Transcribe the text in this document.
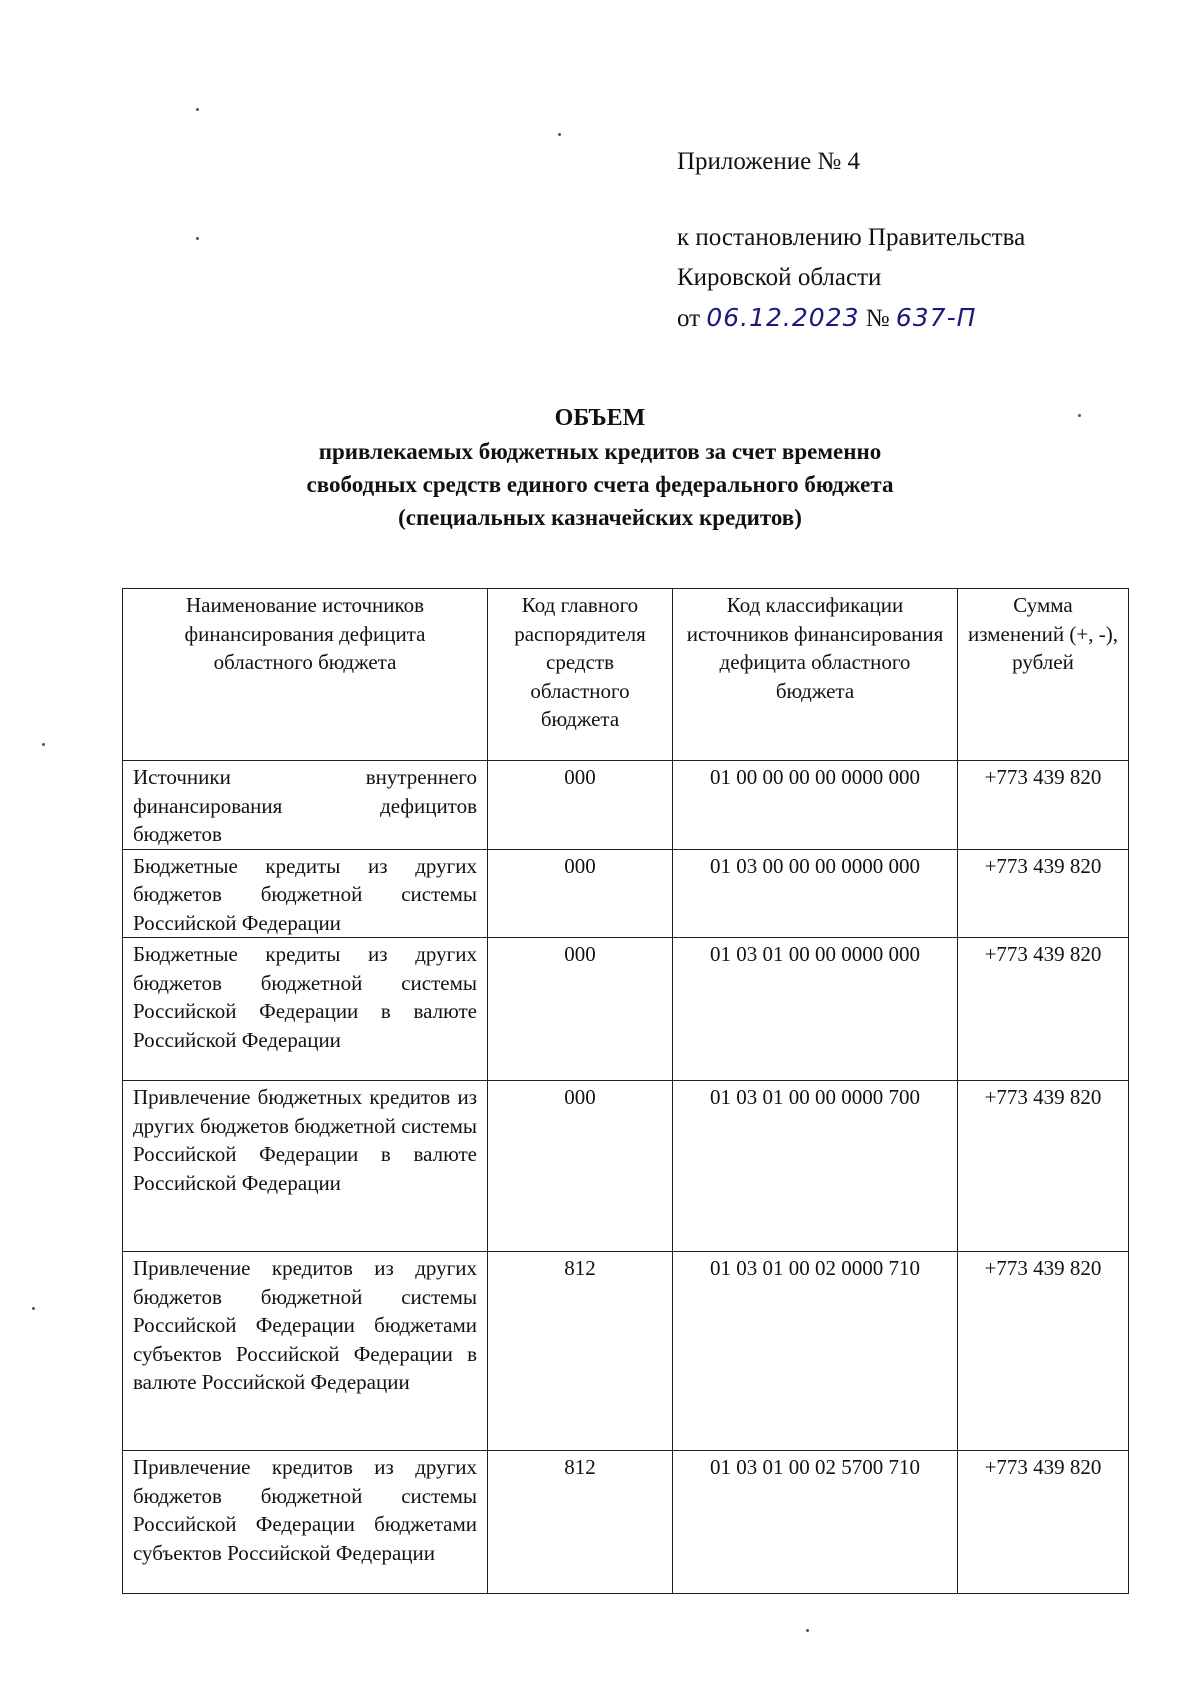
Приложение № 4
к постановлению Правительства
Кировской области
от 06.12.2023 № 637-П
ОБЪЕМ
привлекаемых бюджетных кредитов за счет временно
свободных средств единого счета федерального бюджета
(специальных казначейских кредитов)
Наименование источников финансирования дефицита областного бюджета	Код главного распорядителя средств областного бюджета	Код классификации источников финансирования дефицита областного бюджета	Сумма изменений (+, -), рублей
Источники внутреннего финансирования дефицитов бюджетов	000	01 00 00 00 00 0000 000	+773 439 820
Бюджетные кредиты из других бюджетов бюджетной системы Российской Федерации	000	01 03 00 00 00 0000 000	+773 439 820
Бюджетные кредиты из других бюджетов бюджетной системы Российской Федерации в валюте Российской Федерации	000	01 03 01 00 00 0000 000	+773 439 820
Привлечение бюджетных кредитов из других бюджетов бюджетной системы Российской Федерации в валюте Российской Федерации	000	01 03 01 00 00 0000 700	+773 439 820
Привлечение кредитов из других бюджетов бюджетной системы Российской Федерации бюджетами субъектов Российской Федерации в валюте Российской Федерации	812	01 03 01 00 02 0000 710	+773 439 820
Привлечение кредитов из других бюджетов бюджетной системы Российской Федерации бюджетами субъектов Российской Федерации	812	01 03 01 00 02 5700 710	+773 439 820
